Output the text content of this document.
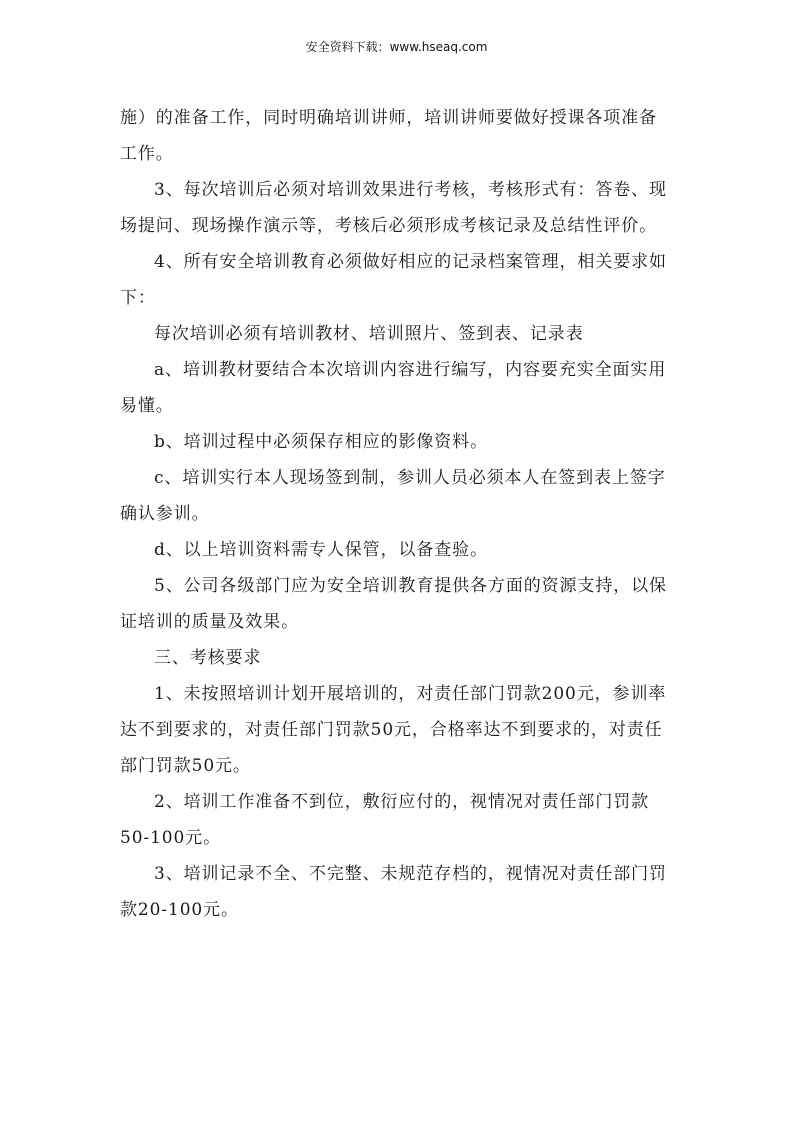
安全资料下载：www.hseaq.com

施）的准备工作，同时明确培训讲师，培训讲师要做好授课各项准备工作。

3、每次培训后必须对培训效果进行考核，考核形式有：答卷、现场提问、现场操作演示等，考核后必须形成考核记录及总结性评价。

4、所有安全培训教育必须做好相应的记录档案管理，相关要求如下：

每次培训必须有培训教材、培训照片、签到表、记录表

a、培训教材要结合本次培训内容进行编写，内容要充实全面实用易懂。

b、培训过程中必须保存相应的影像资料。

c、培训实行本人现场签到制，参训人员必须本人在签到表上签字确认参训。

d、以上培训资料需专人保管，以备查验。

5、公司各级部门应为安全培训教育提供各方面的资源支持，以保证培训的质量及效果。

三、考核要求

1、未按照培训计划开展培训的，对责任部门罚款200元，参训率达不到要求的，对责任部门罚款50元，合格率达不到要求的，对责任部门罚款50元。

2、培训工作准备不到位，敷衍应付的，视情况对责任部门罚款50-100元。

3、培训记录不全、不完整、未规范存档的，视情况对责任部门罚款20-100元。
